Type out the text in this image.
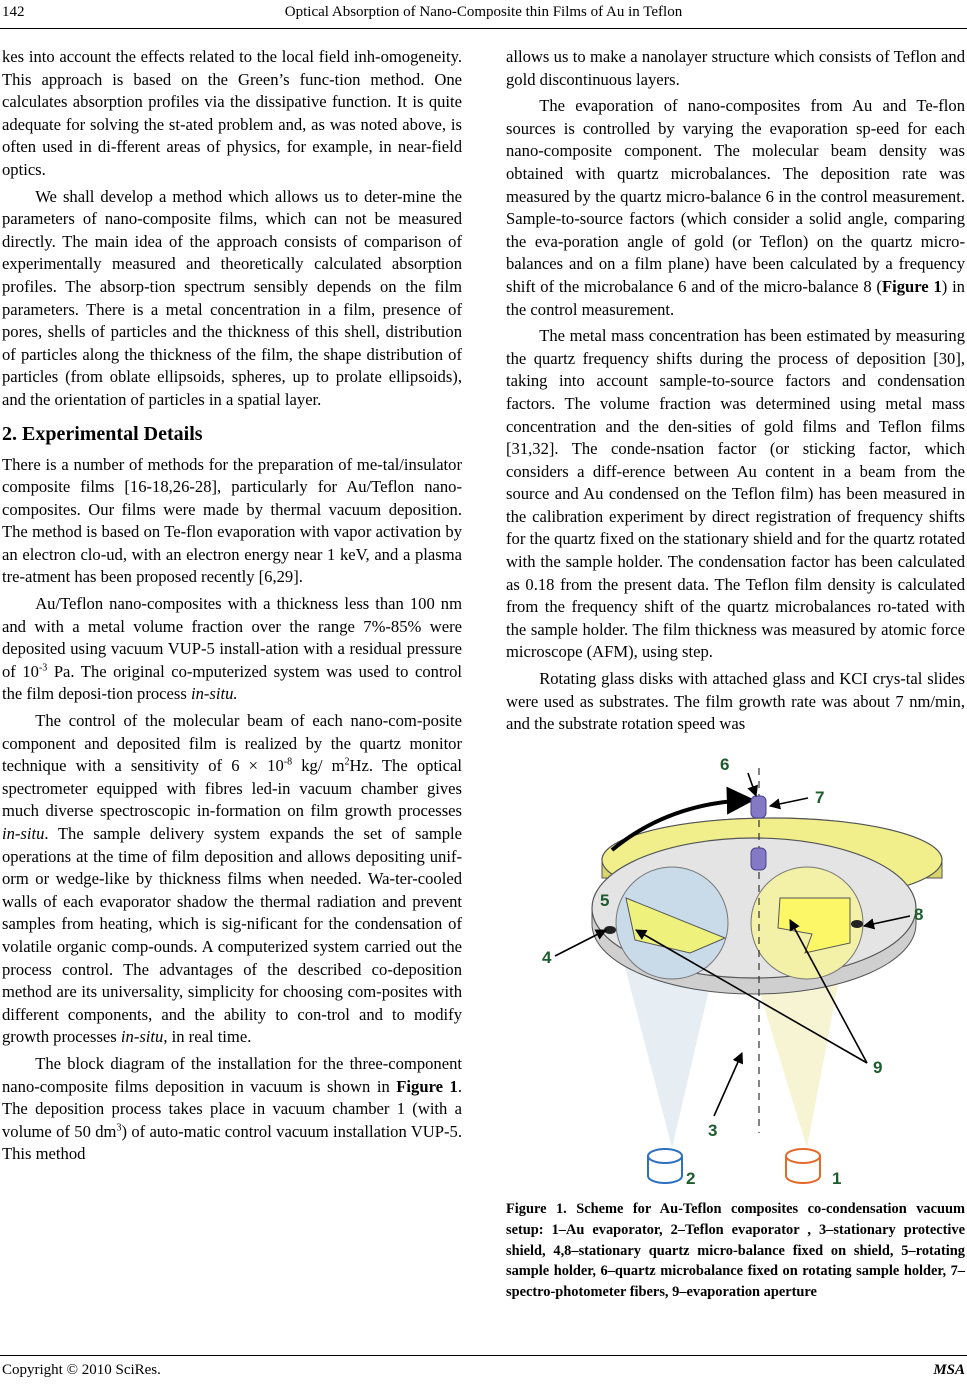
142	Optical Absorption of Nano-Composite thin Films of Au in Teflon

kes into account the effects related to the local field inh-omogeneity. This approach is based on the Green’s func-tion method. One calculates absorption profiles via the dissipative function. It is quite adequate for solving the st-ated problem and, as was noted above, is often used in di-fferent areas of physics, for example, in near-field optics.

We shall develop a method which allows us to deter-mine the parameters of nano-composite films, which can not be measured directly. The main idea of the approach consists of comparison of experimentally measured and theoretically calculated absorption profiles. The absorp-tion spectrum sensibly depends on the film parameters. There is a metal concentration in a film, presence of pores, shells of particles and the thickness of this shell, distribution of particles along the thickness of the film, the shape distribution of particles (from oblate ellipsoids, spheres, up to prolate ellipsoids), and the orientation of particles in a spatial layer.

2. Experimental Details

There is a number of methods for the preparation of me-tal/insulator composite films [16-18,26-28], particularly for Au/Teflon nano-composites. Our films were made by thermal vacuum deposition. The method is based on Te-flon evaporation with vapor activation by an electron clo-ud, with an electron energy near 1 keV, and a plasma tre-atment has been proposed recently [6,29].

Au/Teflon nano-composites with a thickness less than 100 nm and with a metal volume fraction over the range 7%-85% were deposited using vacuum VUP-5 install-ation with a residual pressure of $10^{-3}$ Pa. The original co-mputerized system was used to control the film deposi-tion process in-situ.

The control of the molecular beam of each nano-com-posite component and deposited film is realized by the quartz monitor technique with a sensitivity of $6 \times 10^{-8}$ kg/ $m^2Hz$. The optical spectrometer equipped with fibres led-in vacuum chamber gives much diverse spectroscopic in-formation on film growth processes in-situ. The sample delivery system expands the set of sample operations at the time of film deposition and allows depositing unif-orm or wedge-like by thickness films when needed. Wa-ter-cooled walls of each evaporator shadow the thermal radiation and prevent samples from heating, which is sig-nificant for the condensation of volatile organic comp-ounds. A computerized system carried out the process control. The advantages of the described co-deposition method are its universality, simplicity for choosing com-posites with different components, and the ability to con-trol and to modify growth processes in-situ, in real time.

The block diagram of the installation for the three-component nano-composite films deposition in vacuum is shown in Figure 1. The deposition process takes place in vacuum chamber 1 (with a volume of 50 $dm^3$) of auto-matic control vacuum installation VUP-5. This method

allows us to make a nanolayer structure which consists of Teflon and gold discontinuous layers.

The evaporation of nano-composites from Au and Te-flon sources is controlled by varying the evaporation sp-eed for each nano-composite component. The molecular beam density was obtained with quartz microbalances. The deposition rate was measured by the quartz micro-balance 6 in the control measurement. Sample-to-source factors (which consider a solid angle, comparing the eva-poration angle of gold (or Teflon) on the quartz micro-balances and on a film plane) have been calculated by a frequency shift of the microbalance 6 and of the micro-balance 8 (Figure 1) in the control measurement.

The metal mass concentration has been estimated by measuring the quartz frequency shifts during the process of deposition [30], taking into account sample-to-source factors and condensation factors. The volume fraction was determined using metal mass concentration and the den-sities of gold films and Teflon films [31,32]. The conde-nsation factor (or sticking factor, which considers a diff-erence between Au content in a beam from the source and Au condensed on the Teflon film) has been measured in the calibration experiment by direct registration of frequency shifts for the quartz fixed on the stationary shield and for the quartz rotated with the sample holder. The condensation factor has been calculated as 0.18 from the present data. The Teflon film density is calculated from the frequency shift of the quartz microbalances ro-tated with the sample holder. The film thickness was measured by atomic force microscope (AFM), using step.

Rotating glass disks with attached glass and KCI crys-tal slides were used as substrates. The film growth rate was about 7 nm/min, and the substrate rotation speed was

1
2
3
4
5
6
7
8
9
Figure 1. Scheme for Au-Teflon composites co-condensation vacuum setup: 1–Au evaporator, 2–Teflon evaporator , 3–stationary protective shield, 4,8–stationary quartz micro-balance fixed on shield, 5–rotating sample holder, 6–quartz microbalance fixed on rotating sample holder, 7–spectro-photometer fibers, 9–evaporation aperture
Copyright © 2010 SciRes.	MSA
